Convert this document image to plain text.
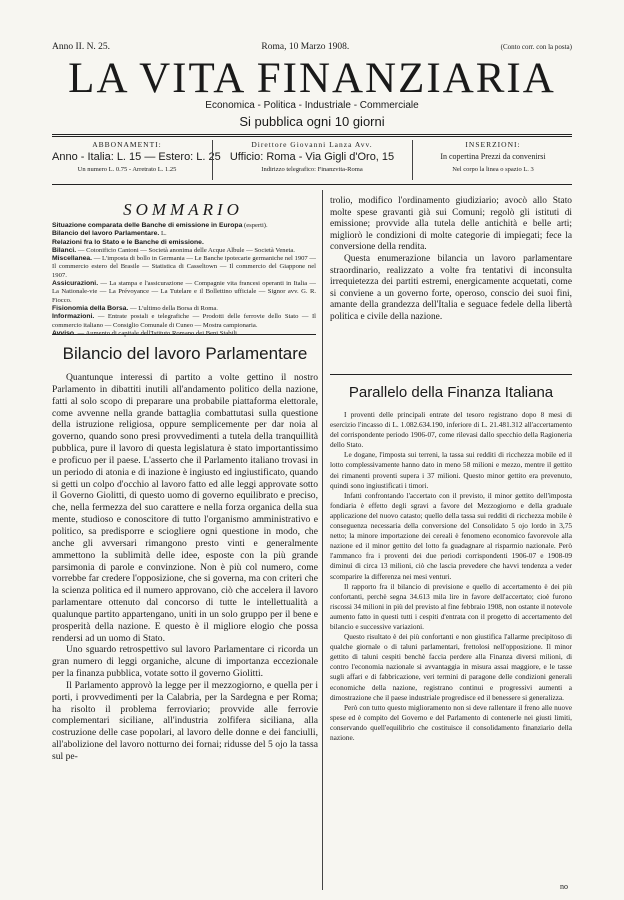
Anno II. N. 25.	Roma, 10 Marzo 1908.	(Conto corr. con la posta)
LA VITA FINANZIARIA
Economica - Politica - Industriale - Commerciale
Si pubblica ogni 10 giorni
ABBONAMENTI:
Anno - Italia: L. 15 — Estero: L. 25
Un numero L. 0.75 - Arretrato L. 1.25
Direttore Giovanni Lanza Avv.
Ufficio: Roma - Via Gigli d'Oro, 15
Indirizzo telegrafico: Finanzvita-Roma
INSERZIONI:
In copertina Prezzi da convenirsi
Nel corpo la linea o spazio L. 3
SOMMARIO
Situazione comparata delle Banche di emissione in Europa (esperti).
Bilancio del lavoro Parlamentare. L.
Relazioni fra lo Stato e le Banche di emissione.
Bilanci. — Cotonificio Cantoni — Società anonima delle Acque Albule — Società Veneta.
Miscellanea. — L'imposta di bollo in Germania — Le Banche ipotecarie germaniche nel 1907 — Il commercio estero del Brasile — Statistica di Casseltown — Il commercio del Giappone nel 1907.
Assicurazioni. — La stampa e l'assicurazione — Compagnie vita francesi operanti in Italia — La Nationale-vie — La Prévoyance — La Tutelare e il Bollettino ufficiale — Signor avv. G. R. Fiocco.
Fisionomia della Borsa. — L'ultimo della Borsa di Roma.
Informazioni. — Entrate postali e telegrafiche — Prodotti delle ferrovie dello Stato — Il commercio italiano — Consiglio Comunale di Cuneo — Mostra campionaria.
Avviso. — Aumento di capitale dell'Istituto Romano dei Beni Stabili.
Bilancio del lavoro Parlamentare

Quantunque interessi di partito a volte gettino il nostro Parlamento in dibattiti inutili all'andamento politico della nazione, fatti al solo scopo di preparare una probabile piattaforma elettorale, come avvenne nella grande battaglia combattutasi sulla questione della istruzione religiosa, oppure semplicemente per dar noia al governo, quando sono presi provvedimenti a tutela della tranquillità pubblica, pure il lavoro di questa legislatura è stato importantissimo e proficuo per il paese. L'asserto che il Parlamento italiano trovasi in un periodo di atonia e di inazione è ingiusto ed ingiustificato, quando si getti un colpo d'occhio al lavoro fatto ed alle leggi approvate sotto il Governo Giolitti, di questo uomo di governo equilibrato e preciso, che, nella fermezza del suo carattere e nella forza organica della sua mente, studioso e conoscitore di tutto l'organismo amministrativo e politico, sa predisporre e sciogliere ogni questione in modo, che anche gli avversari rimangono presto vinti e generalmente ammettono la sublimità delle idee, esposte con la più grande parsimonia di parole e convinzione. Non è più col numero, come vorrebbe far credere l'opposizione, che si governa, ma con criteri che la scienza politica ed il numero approvano, ciò che accelera il lavoro parlamentare ottenuto dal concorso di tutte le intellettualità a qualunque partito appartengano, uniti in un solo gruppo per il bene e prosperità della nazione. E questo è il migliore elogio che possa rendersi ad un uomo di Stato.

Uno sguardo retrospettivo sul lavoro Parlamentare ci ricorda un gran numero di leggi organiche, alcune di importanza eccezionale per la finanza pubblica, votate sotto il governo Giolitti.

Il Parlamento approvò la legge per il mezzogiorno, e quella per i porti, i provvedimenti per la Calabria, per la Sardegna e per Roma; ha risolto il problema ferroviario; provvide alle ferrovie complementari siciliane, all'industria zolfifera siciliana, alla costruzione delle case popolari, al lavoro delle donne e dei fanciulli, all'abolizione del lavoro notturno dei fornai; ridusse del 5 ojo la tassa sul pe-

trolio, modifico l'ordinamento giudiziario; avocò allo Stato molte spese gravanti già sui Comuni; regolò gli istituti di emissione; provvide alla tutela delle antichità e belle arti; migliorò le condizioni di molte categorie di impiegati; fece la conversione della rendita.

Questa enumerazione bilancia un lavoro parlamentare straordinario, realizzato a volte fra tentativi di inconsulta irrequietezza dei partiti estremi, energicamente acquetati, come si conviene a un governo forte, operoso, conscio dei suoi fini, amante della grandezza dell'Italia e seguace fedele della libertà politica e civile della nazione.

Parallelo della Finanza Italiana

I proventi delle principali entrate del tesoro registrano dopo 8 mesi di esercizio l'incasso di L. 1.082.634.190, inferiore di L. 21.481.312 all'accertamento del corrispondente periodo 1906-07, come rilevasi dallo specchio della Ragioneria dello Stato.

Le dogane, l'imposta sui terreni, la tassa sui redditi di ricchezza mobile ed il lotto complessivamente hanno dato in meno 58 milioni e mezzo, mentre il gettito dei rimanenti proventi supera i 37 milioni. Questo minor gettito era prevenuto, quindi sono ingiustificati i timori.

Infatti confrontando l'accertato con il previsto, il minor gettito dell'imposta fondiaria è effetto degli sgravi a favore del Mezzogiorno e della graduale applicazione del nuovo catasto; quello della tassa sui redditi di ricchezza mobile è conseguenza necessaria della conversione del Consolidato 5 ojo lordo in 3,75 netto; la minore importazione dei cereali è fenomeno economico favorevole alla nazione ed il minor gettito del lotto fa guadagnare al risparmio nazionale. Però l'ammanco fra i proventi dei due periodi corrispondenti 1906-07 e 1908-09 diminuì di circa 13 milioni, ciò che lascia prevedere che havvi tendenza a veder scomparire la differenza nei mesi venturi.

Il rapporto fra il bilancio di previsione e quello di accertamento è dei più confortanti, perchè segna 34.613 mila lire in favore dell'accertato; cioè furono riscossi 34 milioni in più del previsto al fine febbraio 1908, non ostante il notevole aumento fatto in questi tutti i cespiti d'entrata con il progetto di accertamento del bilancio e successive variazioni.

Questo risultato è dei più confortanti e non giustifica l'allarme precipitoso di qualche giornale o di taluni parlamentari, frettolosi nell'opposizione. Il minor gettito di taluni cespiti benchè faccia perdere alla Finanza diversi milioni, di contro l'economia nazionale si avvantaggia in misura assai maggiore, e le tasse sugli affari e di fabbricazione, veri termini di paragone delle condizioni generali economiche della nazione, registrano continui e progressivi aumenti a dimostrazione che il paese industriale progredisce ed il benessere si generalizza.

Però con tutto questo miglioramento non si deve rallentare il freno alle nuove spese ed è compito del Governo e del Parlamento di contenerle nei giusti limiti, conservando quell'equilibrio che costituisce il consolidamento finanziario della nazione.

no
